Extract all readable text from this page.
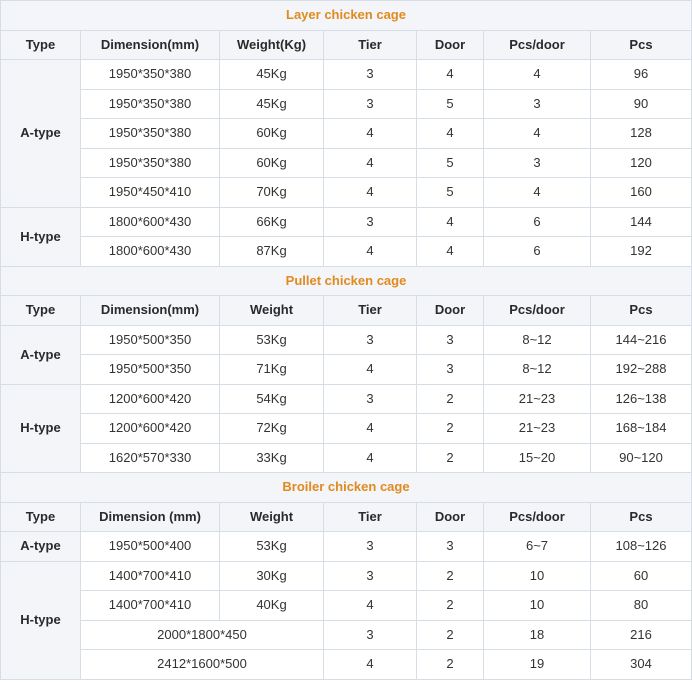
Layer chicken cage						
Type	Dimension(mm)	Weight(Kg)	Tier	Door	Pcs/door	Pcs
A-type	1950*350*380	45Kg	3	4	4	96
	1950*350*380	45Kg	3	5	3	90
	1950*350*380	60Kg	4	4	4	128
	1950*350*380	60Kg	4	5	3	120
	1950*450*410	70Kg	4	5	4	160
H-type	1800*600*430	66Kg	3	4	6	144
	1800*600*430	87Kg	4	4	6	192
Pullet chicken cage						
Type	Dimension(mm)	Weight	Tier	Door	Pcs/door	Pcs
A-type	1950*500*350	53Kg	3	3	8~12	144~216
	1950*500*350	71Kg	4	3	8~12	192~288
H-type	1200*600*420	54Kg	3	2	21~23	126~138
	1200*600*420	72Kg	4	2	21~23	168~184
	1620*570*330	33Kg	4	2	15~20	90~120
Broiler chicken cage						
Type	Dimension (mm)	Weight	Tier	Door	Pcs/door	Pcs
A-type	1950*500*400	53Kg	3	3	6~7	108~126
H-type	1400*700*410	30Kg	3	2	10	60
	1400*700*410	40Kg	4	2	10	80
	2000*1800*450		3	2	18	216
	2412*1600*500		4	2	19	304
